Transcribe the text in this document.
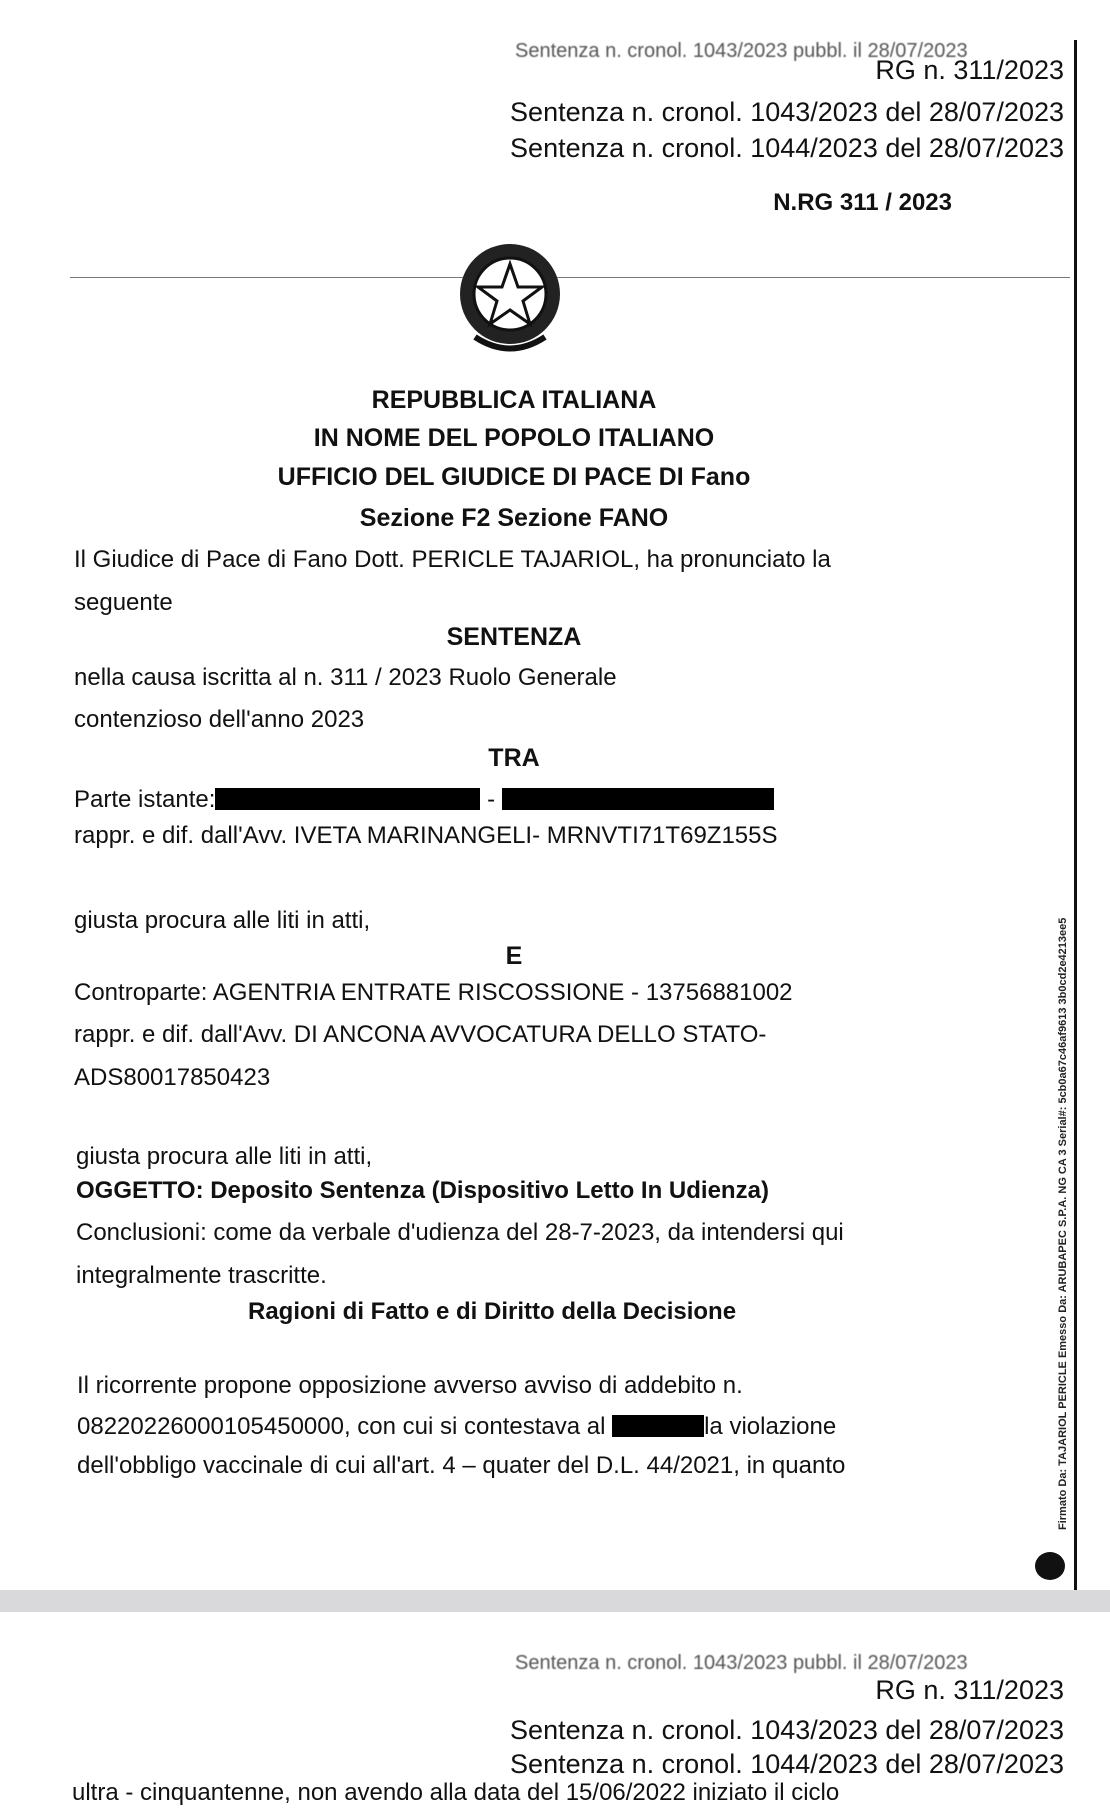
Sentenza n. cronol. 1043/2023 pubbl. il 28/07/2023
RG n. 311/2023
Sentenza n. cronol. 1043/2023 del 28/07/2023
Sentenza n. cronol. 1044/2023 del 28/07/2023
N.RG 311 / 2023
REPUBBLICA ITALIANA
IN NOME DEL POPOLO ITALIANO
UFFICIO DEL GIUDICE DI PACE DI Fano
Sezione F2 Sezione FANO
Il Giudice di Pace di Fano Dott. PERICLE TAJARIOL, ha pronunciato la
seguente
SENTENZA
nella causa iscritta al n. 311 / 2023 Ruolo Generale
contenzioso dell'anno 2023
TRA
Parte istante:	-
rappr. e dif. dall'Avv. IVETA MARINANGELI- MRNVTI71T69Z155S
giusta procura alle liti in atti,
E
Controparte: AGENTRIA ENTRATE RISCOSSIONE - 13756881002
rappr. e dif. dall'Avv. DI ANCONA AVVOCATURA DELLO STATO-
ADS80017850423
giusta procura alle liti in atti,
OGGETTO: Deposito Sentenza (Dispositivo Letto In Udienza)
Conclusioni: come da verbale d'udienza del 28-7-2023, da intendersi qui
integralmente trascritte.
Ragioni di Fatto e di Diritto della Decisione
Il ricorrente propone opposizione avverso avviso di addebito n.
08220226000105450000, con cui si contestava al	la violazione
dell'obbligo vaccinale di cui all'art. 4 – quater del D.L. 44/2021, in quanto	Firmato Da: TAJARIOL PERICLE Emesso Da: ARUBAPEC S.P.A. NG CA 3 Serial#: 5cb0a67c46af9613 3b0cd2e4213ee5
Sentenza n. cronol. 1043/2023 pubbl. il 28/07/2023
RG n. 311/2023
Sentenza n. cronol. 1043/2023 del 28/07/2023
Sentenza n. cronol. 1044/2023 del 28/07/2023
ultra - cinquantenne, non avendo alla data del 15/06/2022 iniziato il ciclo
